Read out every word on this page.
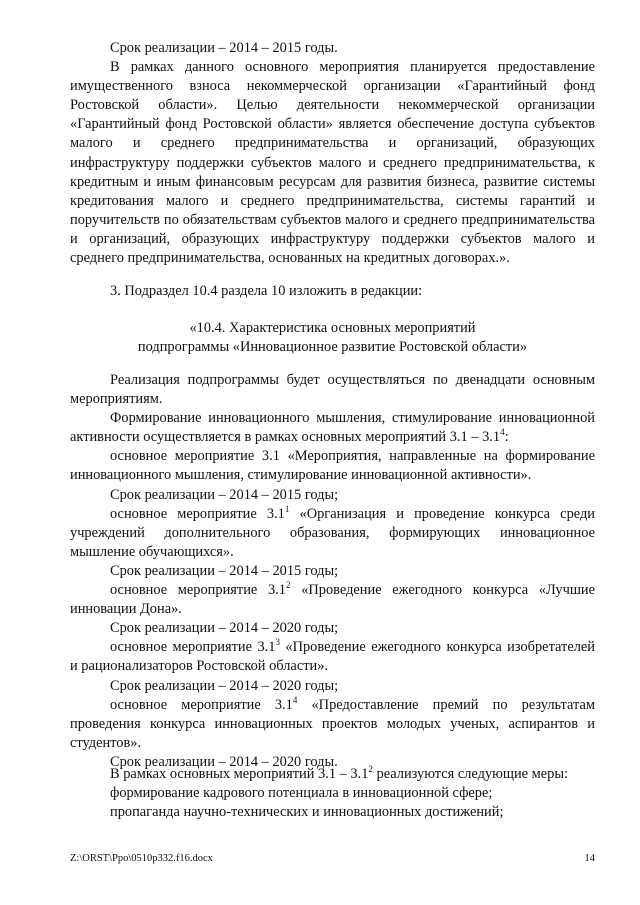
Срок реализации – 2014 – 2015 годы.

В рамках данного основного мероприятия планируется предоставление имущественного взноса некоммерческой организации «Гарантийный фонд Ростовской области». Целью деятельности некоммерческой организации «Гарантийный фонд Ростовской области» является обеспечение доступа субъектов малого и среднего предпринимательства и организаций, образующих инфраструктуру поддержки субъектов малого и среднего предпринимательства, к кредитным и иным финансовым ресурсам для развития бизнеса, развитие системы кредитования малого и среднего предпринимательства, системы гарантий и поручительств по обязательствам субъектов малого и среднего предпринимательства и организаций, образующих инфраструктуру поддержки субъектов малого и среднего предпринимательства, основанных на кредитных договорах.».

3. Подраздел 10.4 раздела 10 изложить в редакции:

«10.4. Характеристика основных мероприятий

подпрограммы «Инновационное развитие Ростовской области»

Реализация подпрограммы будет осуществляться по двенадцати основным мероприятиям.

Формирование инновационного мышления, стимулирование инновационной активности осуществляется в рамках основных мероприятий $3.1 - 3.1^4$:

основное мероприятие 3.1 «Мероприятия, направленные на формирование инновационного мышления, стимулирование инновационной активности».

Срок реализации – 2014 – 2015 годы;

основное мероприятие $3.1^1$ «Организация и проведение конкурса среди учреждений дополнительного образования, формирующих инновационное мышление обучающихся».

Срок реализации – 2014 – 2015 годы;

основное мероприятие $3.1^2$ «Проведение ежегодного конкурса «Лучшие инновации Дона».

Срок реализации – 2014 – 2020 годы;

основное мероприятие $3.1^3$ «Проведение ежегодного конкурса изобретателей и рационализаторов Ростовской области».

Срок реализации – 2014 – 2020 годы;

основное мероприятие $3.1^4$ «Предоставление премий по результатам проведения конкурса инновационных проектов молодых ученых, аспирантов и студентов».

Срок реализации – 2014 – 2020 годы.

В рамках основных мероприятий $3.1 - 3.1^2$ реализуются следующие меры:

формирование кадрового потенциала в инновационной сфере;

пропаганда научно-технических и инновационных достижений;

Z:\ORST\Ppo\0510p332.f16.docx	14
